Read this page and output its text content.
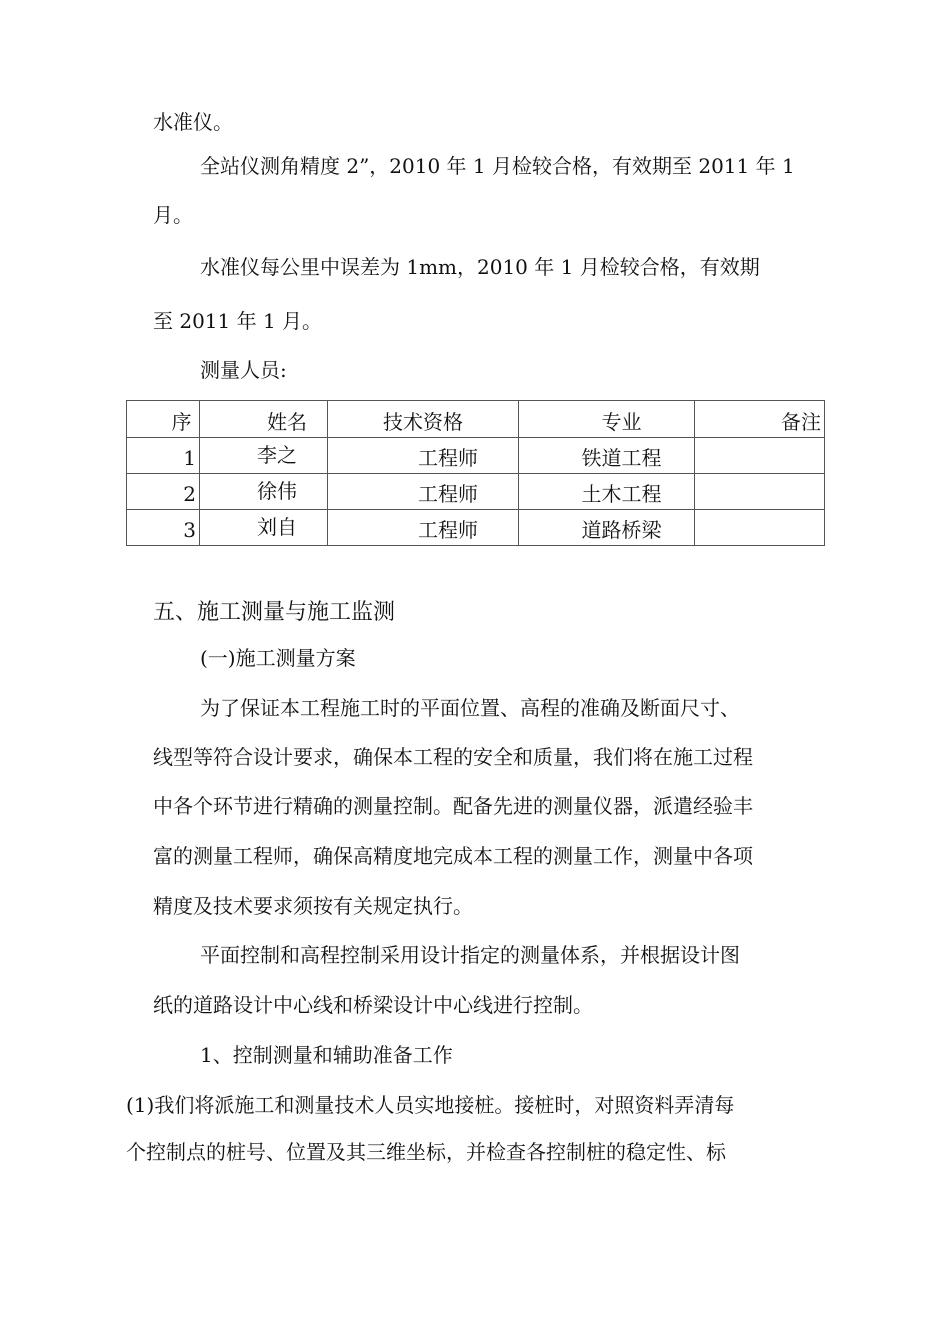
水准仪。
全站仪测角精度 2”，2010 年 1 月检较合格，有效期至 2011 年 1
月。
水准仪每公里中误差为 1mm，2010 年 1 月检较合格，有效期
至 2011 年 1 月。
测量人员:
序	姓名	技术资格	专业	备注

1	李之	工程师	铁道工程	

2	徐伟	工程师	土木工程	

3	刘自	工程师	道路桥梁	

五、施工测量与施工监测
(一)施工测量方案
为了保证本工程施工时的平面位置、高程的准确及断面尺寸、
线型等符合设计要求，确保本工程的安全和质量，我们将在施工过程
中各个环节进行精确的测量控制。配备先进的测量仪器，派遣经验丰
富的测量工程师，确保高精度地完成本工程的测量工作，测量中各项
精度及技术要求须按有关规定执行。
平面控制和高程控制采用设计指定的测量体系，并根据设计图
纸的道路设计中心线和桥梁设计中心线进行控制。
1、控制测量和辅助准备工作
(1)我们将派施工和测量技术人员实地接桩。接桩时，对照资料弄清每
个控制点的桩号、位置及其三维坐标，并检查各控制桩的稳定性、标
